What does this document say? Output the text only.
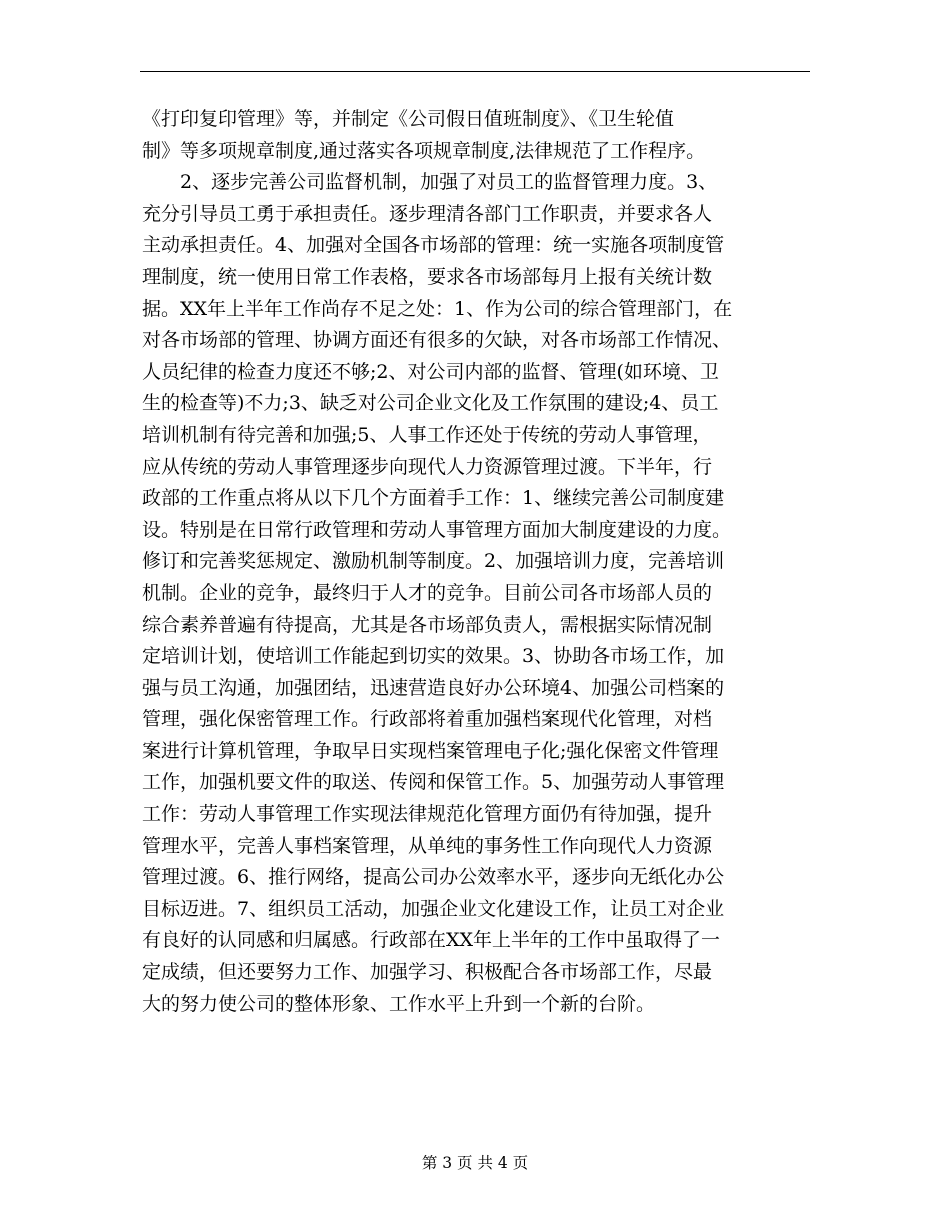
《打印复印管理》等，并制定《公司假日值班制度》、《卫生轮值
制》等多项规章制度,通过落实各项规章制度,法律规范了工作程序。
　　2、逐步完善公司监督机制，加强了对员工的监督管理力度。3、
充分引导员工勇于承担责任。逐步理清各部门工作职责，并要求各人
主动承担责任。4、加强对全国各市场部的管理：统一实施各项制度管
理制度，统一使用日常工作表格，要求各市场部每月上报有关统计数
据。XX年上半年工作尚存不足之处：1、作为公司的综合管理部门，在
对各市场部的管理、协调方面还有很多的欠缺，对各市场部工作情况、
人员纪律的检查力度还不够;2、对公司内部的监督、管理(如环境、卫
生的检查等)不力;3、缺乏对公司企业文化及工作氛围的建设;4、员工
培训机制有待完善和加强;5、人事工作还处于传统的劳动人事管理，
应从传统的劳动人事管理逐步向现代人力资源管理过渡。下半年，行
政部的工作重点将从以下几个方面着手工作：1、继续完善公司制度建
设。特别是在日常行政管理和劳动人事管理方面加大制度建设的力度。
修订和完善奖惩规定、激励机制等制度。2、加强培训力度，完善培训
机制。企业的竞争，最终归于人才的竞争。目前公司各市场部人员的
综合素养普遍有待提高，尤其是各市场部负责人，需根据实际情况制
定培训计划，使培训工作能起到切实的效果。3、协助各市场工作，加
强与员工沟通，加强团结，迅速营造良好办公环境4、加强公司档案的
管理，强化保密管理工作。行政部将着重加强档案现代化管理，对档
案进行计算机管理，争取早日实现档案管理电子化;强化保密文件管理
工作，加强机要文件的取送、传阅和保管工作。5、加强劳动人事管理
工作：劳动人事管理工作实现法律规范化管理方面仍有待加强，提升
管理水平，完善人事档案管理，从单纯的事务性工作向现代人力资源
管理过渡。6、推行网络，提高公司办公效率水平，逐步向无纸化办公
目标迈进。7、组织员工活动，加强企业文化建设工作，让员工对企业
有良好的认同感和归属感。行政部在XX年上半年的工作中虽取得了一
定成绩，但还要努力工作、加强学习、积极配合各市场部工作，尽最
大的努力使公司的整体形象、工作水平上升到一个新的台阶。
第 3 页 共 4 页
